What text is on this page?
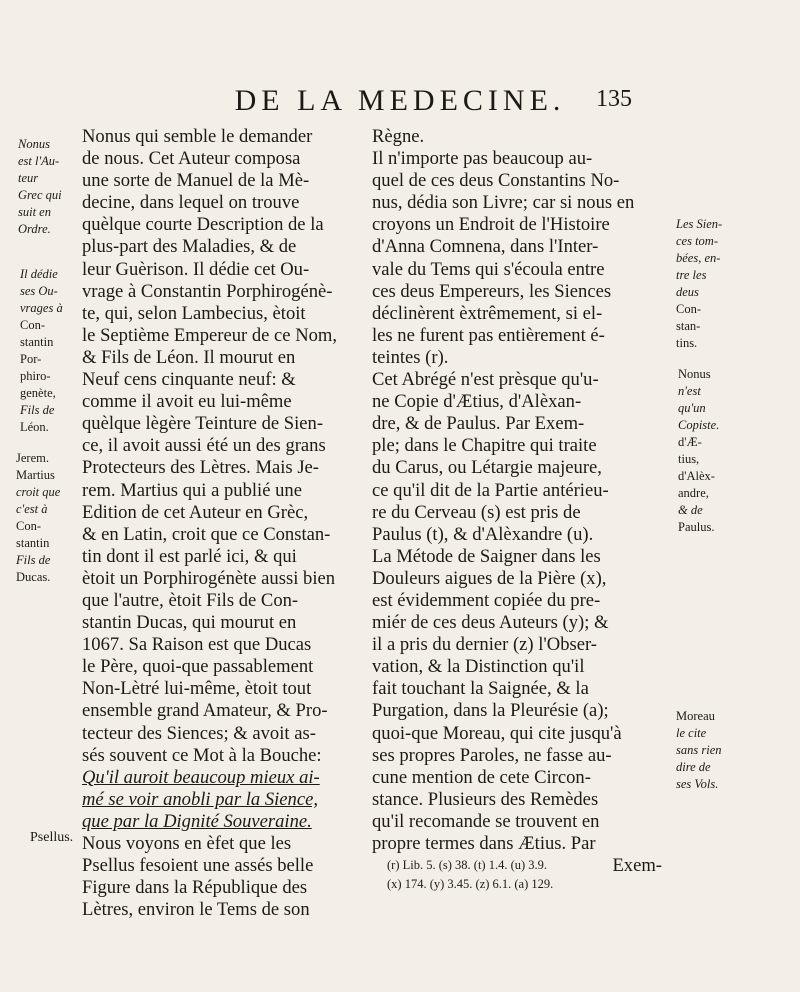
DE LA MEDECINE.	135
Nonus
est l'Au-
teur
Grec qui
suit en
Ordre.
Il dédie
ses Ou-
vrages à
Con-
stantin
Por-
phiro-
genète,
Fils de
Léon.
Jerem.
Martius
croit que
c'est à
Con-
stantin
Fils de
Ducas.
Psellus.
Nonus qui semble le demander
de nous. Cet Auteur composa
une sorte de Manuel de la Mè-
decine, dans lequel on trouve
quèlque courte Description de la
plus-part des Maladies, & de
leur Guèrison. Il dédie cet Ou-
vrage à Constantin Porphirogénè-
te, qui, selon Lambecius, ètoit
le Septième Empereur de ce Nom,
& Fils de Léon. Il mourut en
Neuf cens cinquante neuf: &
comme il avoit eu lui-même
quèlque lègère Teinture de Sien-
ce, il avoit aussi été un des grans
Protecteurs des Lètres. Mais Je-
rem. Martius qui a publié une
Edition de cet Auteur en Grèc,
& en Latin, croit que ce Constan-
tin dont il est parlé ici, & qui
ètoit un Porphirogénète aussi bien
que l'autre, ètoit Fils de Con-
stantin Ducas, qui mourut en
1067. Sa Raison est que Ducas
le Père, quoi-que passablement
Non-Lètré lui-même, ètoit tout
ensemble grand Amateur, & Pro-
tecteur des Siences; & avoit as-
sés souvent ce Mot à la Bouche:
Qu'il auroit beaucoup mieux ai-
mé se voir anobli par la Sience,
que par la Dignité Souveraine.
Nous voyons en èfet que les
Psellus fesoient une assés belle
Figure dans la République des
Lètres, environ le Tems de son
Règne.
Il n'importe pas beaucoup au-
quel de ces deus Constantins No-
nus, dédia son Livre; car si nous en
croyons un Endroit de l'Histoire
d'Anna Comnena, dans l'Inter-
vale du Tems qui s'écoula entre
ces deus Empereurs, les Siences
déclinèrent èxtrêmement, si el-
les ne furent pas entièrement é-
teintes (r).
Cet Abrégé n'est prèsque qu'u-
ne Copie d'Ætius, d'Alèxan-
dre, & de Paulus. Par Exem-
ple; dans le Chapitre qui traite
du Carus, ou Létargie majeure,
ce qu'il dit de la Partie antérieu-
re du Cerveau (s) est pris de
Paulus (t), & d'Alèxandre (u).
La Métode de Saigner dans les
Douleurs aigues de la Pière (x),
est évidemment copiée du pre-
miér de ces deus Auteurs (y); &
il a pris du dernier (z) l'Obser-
vation, & la Distinction qu'il
fait touchant la Saignée, & la
Purgation, dans la Pleurésie (a);
quoi-que Moreau, qui cite jusqu'à
ses propres Paroles, ne fasse au-
cune mention de cete Circon-
stance. Plusieurs des Remèdes
qu'il recomande se trouvent en
propre termes dans Ætius. Par
Exem-
Les Sien-
ces tom-
bées, en-
tre les
deus
Con-
stan-
tins.
Nonus
n'est
qu'un
Copiste.
d'Æ-
tius,
d'Alèx-
andre,
& de
Paulus.
Moreau
le cite
sans rien
dire de
ses Vols.
(r) Lib. 5. (s) 38. (t) 1.4. (u) 3.9.
(x) 174. (y) 3.45. (z) 6.1. (a) 129.
